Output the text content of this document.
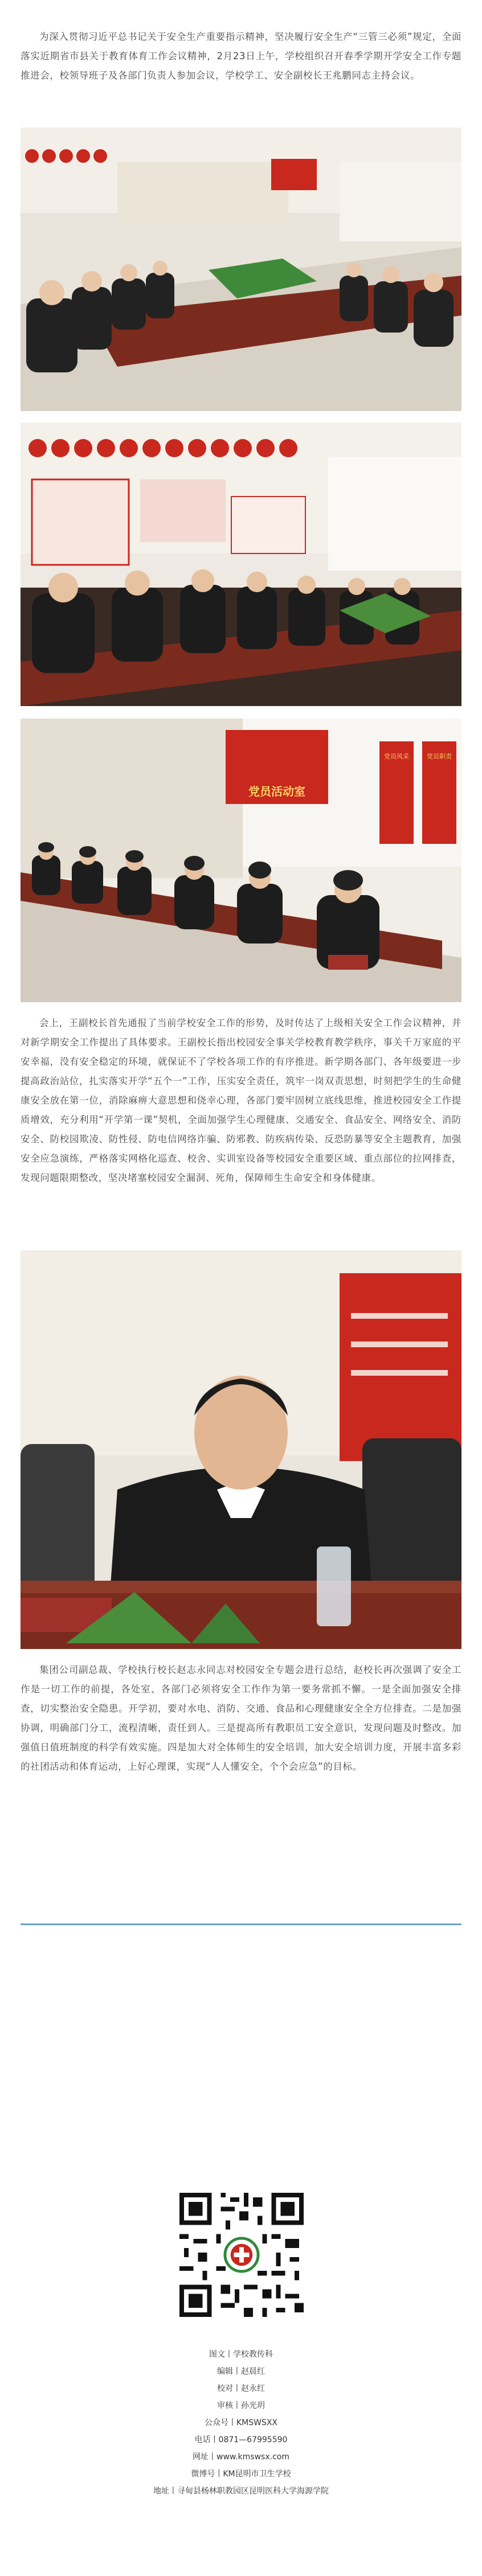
为深入贯彻习近平总书记关于安全生产重要指示精神，坚决履行安全生产“三管三必须”规定，全面落实近期省市县关于教育体育工作会议精神，2月23日上午，学校组织召开春季学期开学安全工作专题推进会，校领导班子及各部门负责人参加会议，学校学工、安全副校长王兆鹏同志主持会议。

党员活动室
党员风采	党员职责

会上，王副校长首先通报了当前学校安全工作的形势，及时传达了上级相关安全工作会议精神，并对新学期安全工作提出了具体要求。王副校长指出校园安全事关学校教育教学秩序，事关千万家庭的平安幸福，没有安全稳定的环境，就保证不了学校各项工作的有序推进。新学期各部门、各年级要进一步提高政治站位，扎实落实开学“五个一”工作，压实安全责任，筑牢一岗双责思想，时刻把学生的生命健康安全放在第一位，消除麻痹大意思想和侥幸心理，各部门要牢固树立底线思维，推进校园安全工作提质增效，充分利用“开学第一课”契机，全面加强学生心理健康、交通安全、食品安全、网络安全、消防安全、防校园欺凌、防性侵、防电信网络诈骗、防邪教、防疾病传染、反恐防暴等安全主题教育，加强安全应急演练，严格落实网格化巡查、校舍、实训室设备等校园安全重要区域、重点部位的拉网排查，发现问题限期整改，坚决堵塞校园安全漏洞、死角，保障师生生命安全和身体健康。

集团公司副总裁、学校执行校长赵志永同志对校园安全专题会进行总结，赵校长再次强调了安全工作是一切工作的前提，各处室、各部门必须将安全工作作为第一要务常抓不懈。一是全面加强安全排查，切实整治安全隐患。开学初，要对水电、消防、交通、食品和心理健康安全全方位排查。二是加强协调，明确部门分工，流程清晰，责任到人。三是提高所有教职员工安全意识，发现问题及时整改。加强值日值班制度的科学有效实施。四是加大对全体师生的安全培训，加大安全培训力度，开展丰富多彩的社团活动和体育运动，上好心理课，实现“人人懂安全，个个会应急”的目标。

图文丨学校教传科
编辑丨赵晨红
校对丨赵永红
审核丨孙光玥
公众号丨KMSWSXX
电话丨0871—67995590
网址丨www.kmswsx.com
微博号丨KM昆明市卫生学校
地址丨寻甸县杨林职教园区昆明医科大学海源学院
